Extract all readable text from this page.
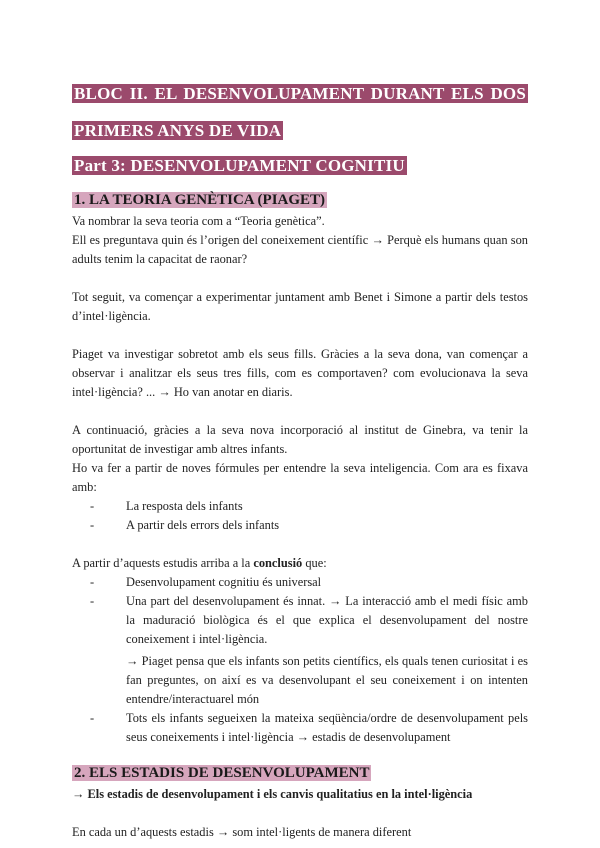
BLOC II. EL DESENVOLUPAMENT DURANT ELS DOS PRIMERS ANYS DE VIDA
Part 3: DESENVOLUPAMENT COGNITIU
1. LA TEORIA GENÈTICA (PIAGET)

Va nombrar la seva teoria com a “Teoria genètica”.

Ell es preguntava quin és l’origen del coneixement científic → Perquè els humans quan son adults tenim la capacitat de raonar?

Tot seguit, va començar a experimentar juntament amb Benet i Simone a partir dels testos d’intel·ligència.

Piaget va investigar sobretot amb els seus fills. Gràcies a la seva dona, van començar a observar i analitzar els seus tres fills, com es comportaven? com evolucionava la seva intel·ligència? ... → Ho van anotar en diaris.

A continuació, gràcies a la seva nova incorporació al institut de Ginebra, va tenir la oportunitat de investigar amb altres infants.

Ho va fer a partir de noves fórmules per entendre la seva inteligencia. Com ara es fixava amb:

- La resposta dels infants
- A partir dels errors dels infants

A partir d’aquests estudis arriba a la conclusió que:

- Desenvolupament cognitiu és universal
- Una part del desenvolupament és innat. → La interacció amb el medi físic amb la maduració biològica és el que explica el desenvolupament del nostre coneixement i intel·ligència.
→ Piaget pensa que els infants son petits científics, els quals tenen curiositat i es fan preguntes, on així es va desenvolupant el seu coneixement i on intenten entendre/interactuarel món
- Tots els infants segueixen la mateixa seqüència/ordre de desenvolupament pels seus coneixements i intel·ligència → estadis de desenvolupament
2. ELS ESTADIS DE DESENVOLUPAMENT
→ Els estadis de desenvolupament i els canvis qualitatius en la intel·ligència

En cada un d’aquests estadis → som intel·ligents de manera diferent
